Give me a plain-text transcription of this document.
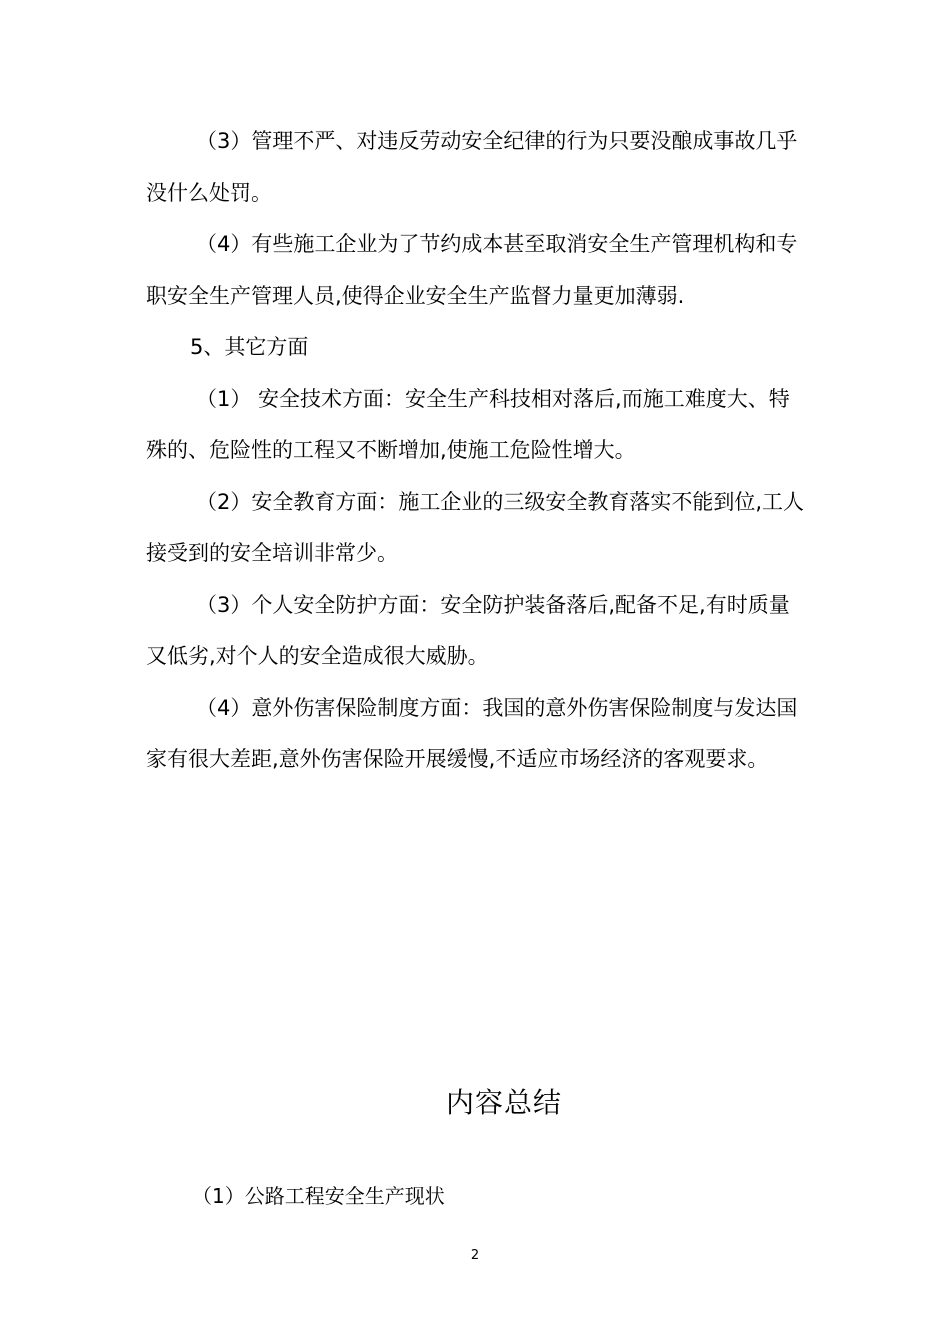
（3）管理不严、对违反劳动安全纪律的行为只要没酿成事故几乎没什么处罚。

（4）有些施工企业为了节约成本甚至取消安全生产管理机构和专职安全生产管理人员,使得企业安全生产监督力量更加薄弱.

5、其它方面

（1） 安全技术方面：安全生产科技相对落后,而施工难度大、特殊的、危险性的工程又不断增加,使施工危险性增大。

（2）安全教育方面：施工企业的三级安全教育落实不能到位,工人接受到的安全培训非常少。

（3）个人安全防护方面：安全防护装备落后,配备不足,有时质量又低劣,对个人的安全造成很大威胁。

（4）意外伤害保险制度方面：我国的意外伤害保险制度与发达国家有很大差距,意外伤害保险开展缓慢,不适应市场经济的客观要求。

内容总结
（1）公路工程安全生产现状
2
